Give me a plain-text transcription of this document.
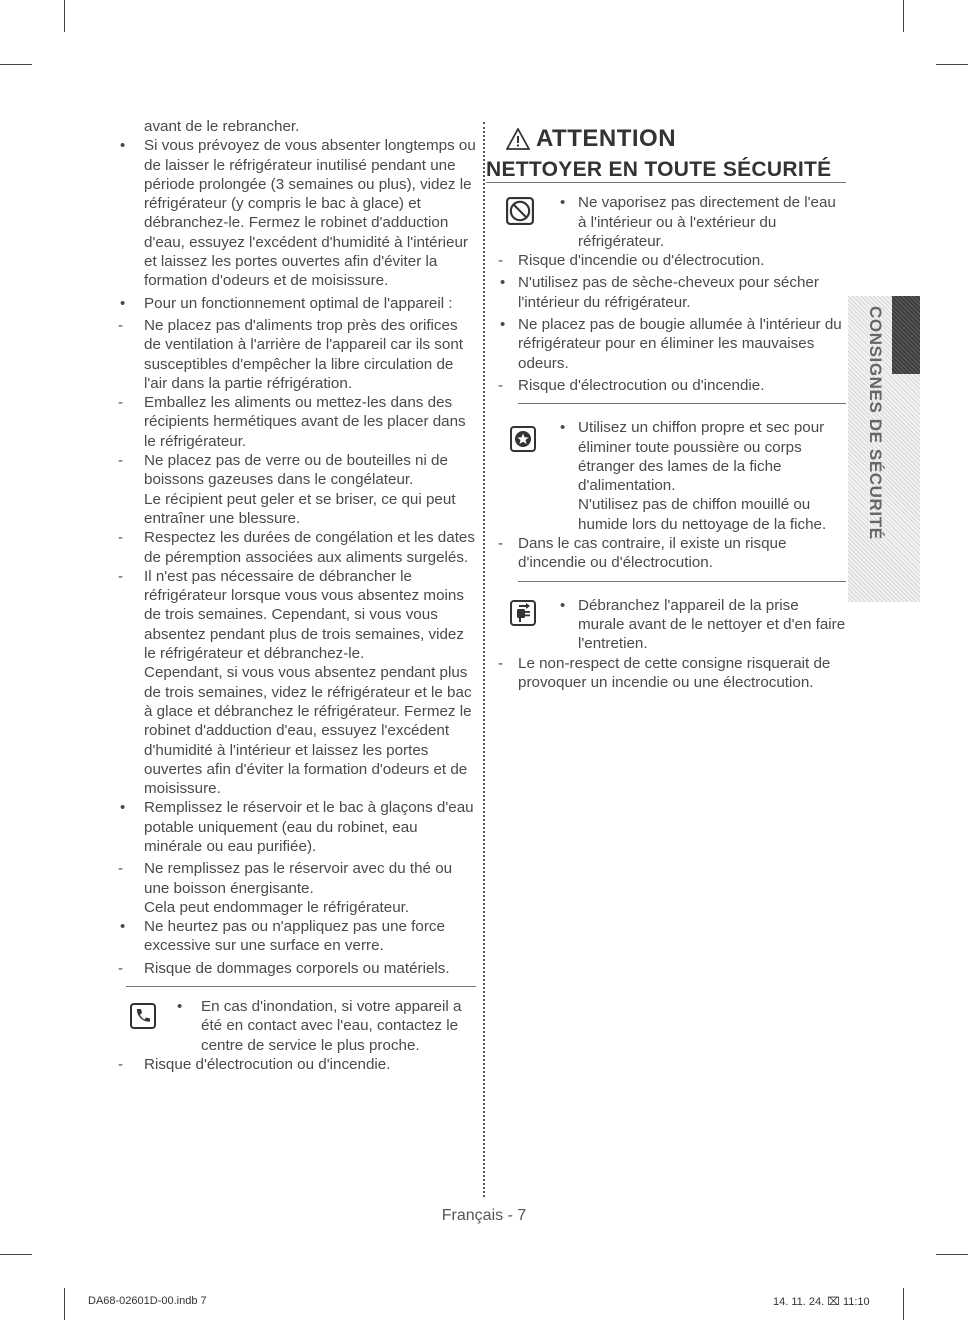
avant de le rebrancher.

•	Si vous prévoyez de vous absenter longtemps ou de laisser le réfrigérateur inutilisé pendant une période prolongée (3 semaines ou plus), videz le réfrigérateur (y compris le bac à glace) et débranchez-le. Fermez le robinet d'adduction d'eau, essuyez l'excédent d'humidité à l'intérieur et laissez les portes ouvertes afin d'éviter la formation d'odeurs et de moisissure.
•	Pour un fonctionnement optimal de l'appareil :
-	Ne placez pas d'aliments trop près des orifices de ventilation à l'arrière de l'appareil car ils sont susceptibles d'empêcher la libre circulation de l'air dans la partie réfrigération.
-	Emballez les aliments ou mettez-les dans des récipients hermétiques avant de les placer dans le réfrigérateur.
-	Ne placez pas de verre ou de bouteilles ni de boissons gazeuses dans le congélateur.

Le récipient peut geler et se briser, ce qui peut entraîner une blessure.

-	Respectez les durées de congélation et les dates de péremption associées aux aliments surgelés.
-	Il n'est pas nécessaire de débrancher le réfrigérateur lorsque vous vous absentez moins de trois semaines. Cependant, si vous vous absentez pendant plus de trois semaines, videz le réfrigérateur et débranchez-le.

Cependant, si vous vous absentez pendant plus de trois semaines, videz le réfrigérateur et le bac à glace et débranchez le réfrigérateur. Fermez le robinet d'adduction d'eau, essuyez l'excédent d'humidité à l'intérieur et laissez les portes ouvertes afin d'éviter la formation d'odeurs et de moisissure.

•	Remplissez le réservoir et le bac à glaçons d'eau potable uniquement (eau du robinet, eau minérale ou eau purifiée).
-	Ne remplissez pas le réservoir avec du thé ou une boisson énergisante.

Cela peut endommager le réfrigérateur.

•	Ne heurtez pas ou n'appliquez pas une force excessive sur une surface en verre.
-	Risque de dommages corporels ou matériels.
•	En cas d'inondation, si votre appareil a été en contact avec l'eau, contactez le centre de service le plus proche.
-	Risque d'électrocution ou d'incendie.
ATTENTION
NETTOYER EN TOUTE SÉCURITÉ
• Ne vaporisez pas directement de l'eau à l'intérieur ou à l'extérieur du réfrigérateur.
- Risque d'incendie ou d'électrocution.
• N'utilisez pas de sèche-cheveux pour sécher l'intérieur du réfrigérateur.
• Ne placez pas de bougie allumée à l'intérieur du réfrigérateur pour en éliminer les mauvaises odeurs.
- Risque d'électrocution ou d'incendie.
• Utilisez un chiffon propre et sec pour éliminer toute poussière ou corps étranger des lames de la fiche d'alimentation.

N'utilisez pas de chiffon mouillé ou humide lors du nettoyage de la fiche.

- Dans le cas contraire, il existe un risque d'incendie ou d'électrocution.
• Débranchez l'appareil de la prise murale avant de le nettoyer et d'en faire l'entretien.
- Le non-respect de cette consigne risquerait de provoquer un incendie ou une électrocution.
CONSIGNES DE SÉCURITÉ
Français - 7
DA68-02601D-00.indb 7	14. 11. 24. ⌧ 11:10
